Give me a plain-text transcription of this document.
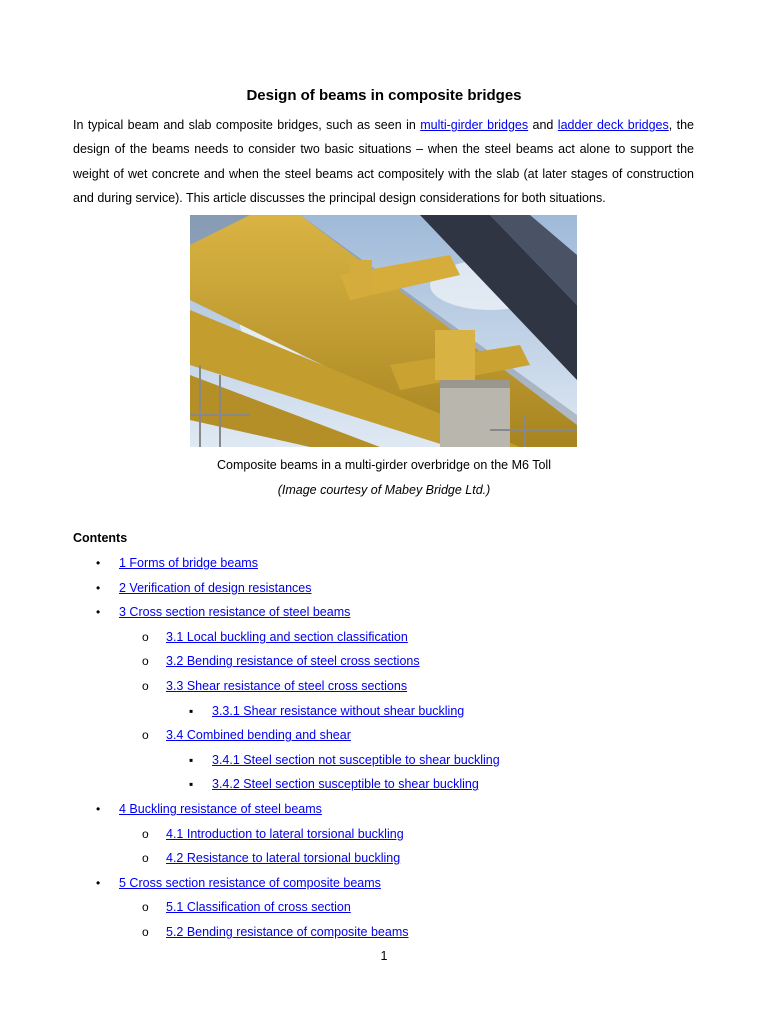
Design of beams in composite bridges

In typical beam and slab composite bridges, such as seen in multi-girder bridges and ladder deck bridges, the design of the beams needs to consider two basic situations – when the steel beams act alone to support the weight of wet concrete and when the steel beams act compositely with the slab (at later stages of construction and during service). This article discusses the principal design considerations for both situations.

Composite beams in a multi-girder overbridge on the M6 Toll
(Image courtesy of Mabey Bridge Ltd.)
Contents
• 1 Forms of bridge beams
• 2 Verification of design resistances
• 3 Cross section resistance of steel beams
o 3.1 Local buckling and section classification
o 3.2 Bending resistance of steel cross sections
o 3.3 Shear resistance of steel cross sections
▪ 3.3.1 Shear resistance without shear buckling
o 3.4 Combined bending and shear
▪ 3.4.1 Steel section not susceptible to shear buckling
▪ 3.4.2 Steel section susceptible to shear buckling
• 4 Buckling resistance of steel beams
o 4.1 Introduction to lateral torsional buckling
o 4.2 Resistance to lateral torsional buckling
• 5 Cross section resistance of composite beams
o 5.1 Classification of cross section
o 5.2 Bending resistance of composite beams
1
